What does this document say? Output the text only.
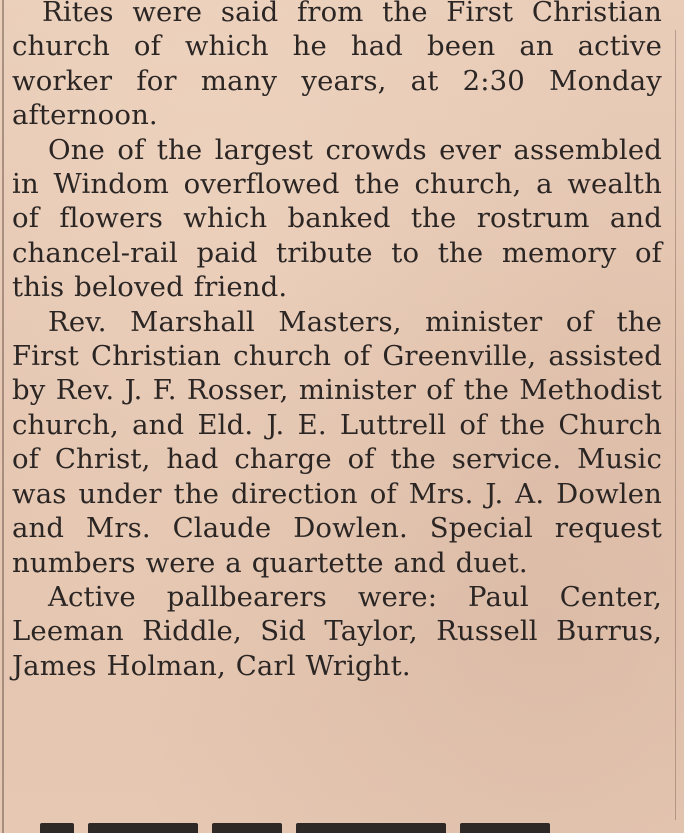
Rites were said from the First Christian church of which he had been an active worker for many years, at 2:30 Monday afternoon.

One of the largest crowds ever assembled in Windom overflowed the church, a wealth of flowers which banked the rostrum and chancel-rail paid tribute to the memory of this beloved friend.

Rev. Marshall Masters, minister of the First Christian church of Greenville, assisted by Rev. J. F. Rosser, minister of the Methodist church, and Eld. J. E. Luttrell of the Church of Christ, had charge of the service. Music was under the direction of Mrs. J. A. Dowlen and Mrs. Claude Dowlen. Special request numbers were a quartette and duet.

Active pallbearers were: Paul Center, Leeman Riddle, Sid Taylor, Russell Burrus, James Holman, Carl Wright.
